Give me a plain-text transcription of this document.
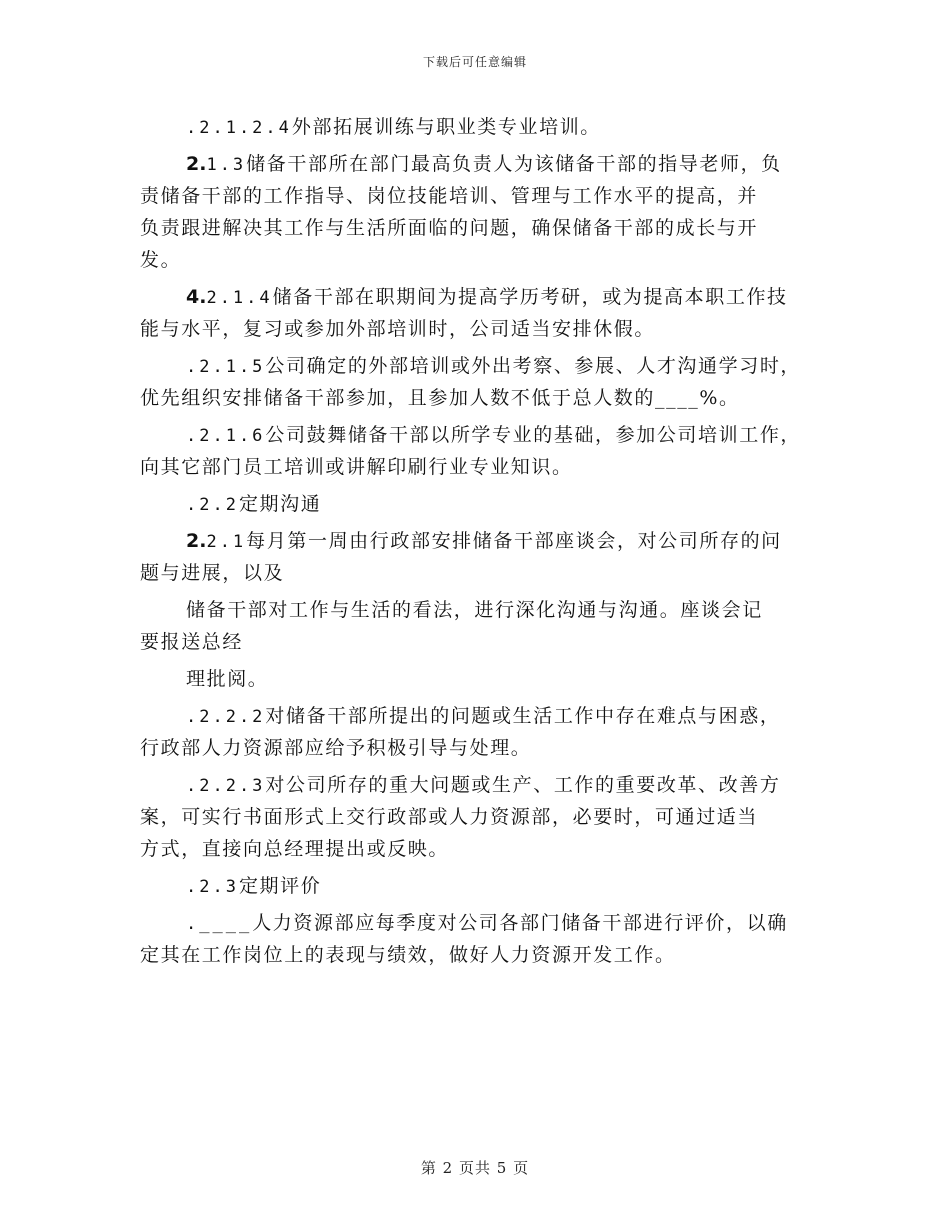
下载后可任意编辑
.2.1.2.4外部拓展训练与职业类专业培训。
2.1.3储备干部所在部门最高负责人为该储备干部的指导老师，负
责储备干部的工作指导、岗位技能培训、管理与工作水平的提高，并
负责跟进解决其工作与生活所面临的问题，确保储备干部的成长与开
发。
4.2.1.4储备干部在职期间为提高学历考研，或为提高本职工作技
能与水平，复习或参加外部培训时，公司适当安排休假。
.2.1.5公司确定的外部培训或外出考察、参展、人才沟通学习时，
优先组织安排储备干部参加，且参加人数不低于总人数的____%。
.2.1.6公司鼓舞储备干部以所学专业的基础，参加公司培训工作，
向其它部门员工培训或讲解印刷行业专业知识。
.2.2定期沟通
2.2.1每月第一周由行政部安排储备干部座谈会，对公司所存的问
题与进展，以及
储备干部对工作与生活的看法，进行深化沟通与沟通。座谈会记
要报送总经
理批阅。
.2.2.2对储备干部所提出的问题或生活工作中存在难点与困惑，
行政部人力资源部应给予积极引导与处理。
.2.2.3对公司所存的重大问题或生产、工作的重要改革、改善方
案，可实行书面形式上交行政部或人力资源部，必要时，可通过适当
方式，直接向总经理提出或反映。
.2.3定期评价
.____人力资源部应每季度对公司各部门储备干部进行评价，以确
定其在工作岗位上的表现与绩效，做好人力资源开发工作。
第 2 页共 5 页
